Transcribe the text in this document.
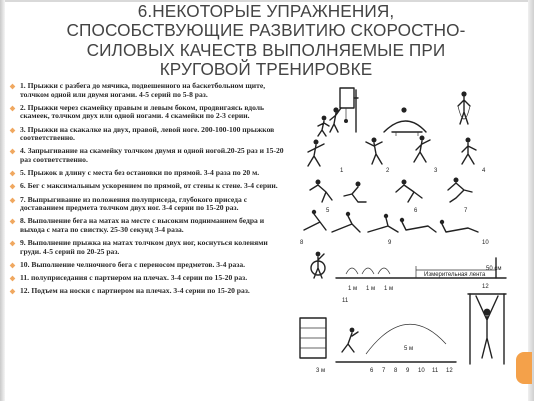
6.НЕКОТОРЫЕ УПРАЖНЕНИЯ,
СПОСОБСТВУЮЩИЕ РАЗВИТИЮ СКОРОСТНО-
СИЛОВЫХ КАЧЕСТВ ВЫПОЛНЯЕМЫЕ ПРИ
КРУГОВОЙ ТРЕНИРОВКЕ
1. Прыжки с разбега до мячика, подвешенного на баскетбольном щите, толчком одной или двумя ногами. 4-5 серий по 5-8 раз.
2. Прыжки через скамейку правым и левым боком, продвигаясь вдоль скамеек, толчком двух или одной ногами. 4 скамейки по 2-3 серии.
3. Прыжки на скакалке на двух, правой, левой ноге. 200-100-100 прыжков соответственно.
4. Запрыгивание на скамейку толчком двумя и одной ногой.20-25 раз и 15-20 раз соответственно.
5. Прыжок в длину с места без остановки по прямой. 3-4 раза по 20 м.
6. Бег с максимальным ускорением по прямой, от стены к стене. 3-4 серии.
7. Выпрыгивание из положения полуприседа, глубокого приседа с доставанием предмета толчком двух ног. 3-4 серии по 15-20 раз.
8. Выполнение бега на матах на месте с высоким подниманием бедра и выхода с мата по свистку. 25-30 секунд 3-4 раза.
9. Выполнение прыжка на матах толчком двух ног, коснуться коленями груди. 4-5 серий по 20-25 раз.
10. Выполнение челночного бега с переносом предметов. 3-4 раза.
11. полуприседания с партнером на плечах. 3-4 серии по 15-20 раз.
12. Подъем на носки с партнером на плечах. 3-4 серии по 15-20 раз.
1	2	3	4
5	6	7
8	9	10
50 см
1 м 1 м 1 м
Измерительная лента
11
3 м
5 м
6 7 8 9 10 11 12
12
